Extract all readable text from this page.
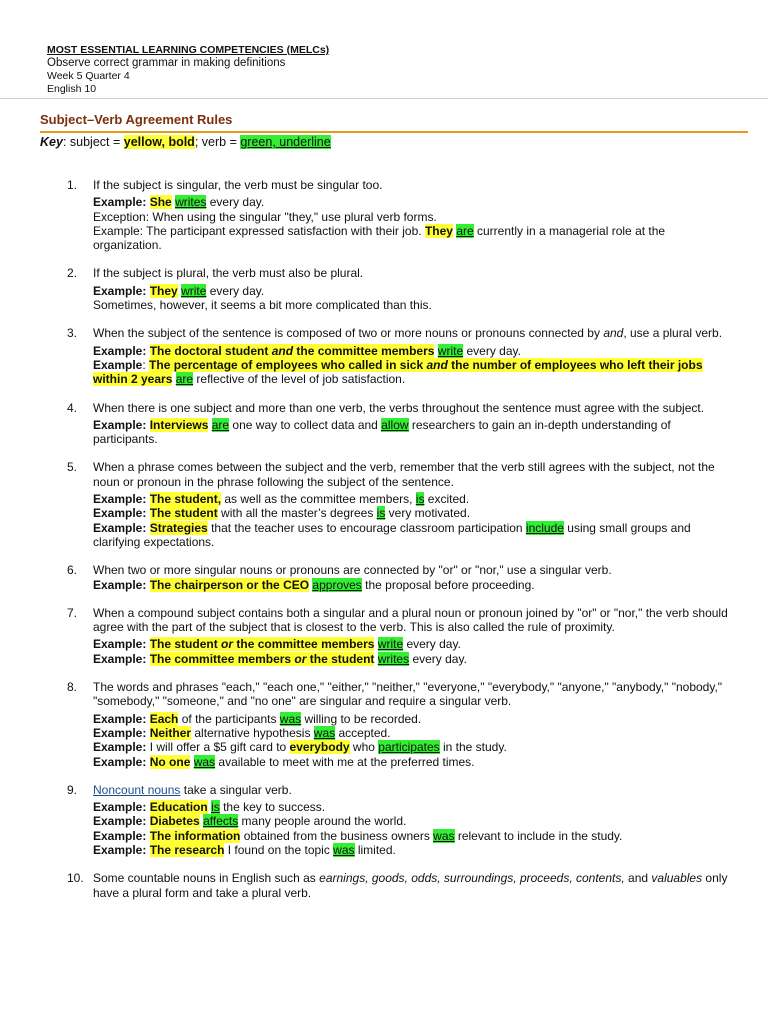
MOST ESSENTIAL LEARNING COMPETENCIES (MELCs)
Observe correct grammar in making definitions
Week 5 Quarter 4
English 10
Subject–Verb Agreement Rules
Key: subject = yellow, bold; verb = green, underline
1. If the subject is singular, the verb must be singular too.
Example: She writes every day.
Exception: When using the singular "they," use plural verb forms.
Example: The participant expressed satisfaction with their job. They are currently in a managerial role at the organization.
2. If the subject is plural, the verb must also be plural.
Example: They write every day.
Sometimes, however, it seems a bit more complicated than this.
3. When the subject of the sentence is composed of two or more nouns or pronouns connected by and, use a plural verb.
Example: The doctoral student and the committee members write every day.
Example: The percentage of employees who called in sick and the number of employees who left their jobs within 2 years are reflective of the level of job satisfaction.
4. When there is one subject and more than one verb, the verbs throughout the sentence must agree with the subject.
Example: Interviews are one way to collect data and allow researchers to gain an in-depth understanding of participants.
5. When a phrase comes between the subject and the verb, remember that the verb still agrees with the subject, not the noun or pronoun in the phrase following the subject of the sentence.
Example: The student, as well as the committee members, is excited.
Example: The student with all the master’s degrees is very motivated.
Example: Strategies that the teacher uses to encourage classroom participation include using small groups and clarifying expectations.
6. When two or more singular nouns or pronouns are connected by "or" or "nor," use a singular verb.
Example: The chairperson or the CEO approves the proposal before proceeding.
7. When a compound subject contains both a singular and a plural noun or pronoun joined by "or" or "nor," the verb should agree with the part of the subject that is closest to the verb. This is also called the rule of proximity.
Example: The student or the committee members write every day.
Example: The committee members or the student writes every day.
8. The words and phrases "each," "each one," "either," "neither," "everyone," "everybody," "anyone," "anybody," "nobody," "somebody," "someone," and "no one" are singular and require a singular verb.
Example: Each of the participants was willing to be recorded.
Example: Neither alternative hypothesis was accepted.
Example: I will offer a $5 gift card to everybody who participates in the study.
Example: No one was available to meet with me at the preferred times.
9. Noncount nouns take a singular verb.
Example: Education is the key to success.
Example: Diabetes affects many people around the world.
Example: The information obtained from the business owners was relevant to include in the study.
Example: The research I found on the topic was limited.
10. Some countable nouns in English such as earnings, goods, odds, surroundings, proceeds, contents, and valuables only have a plural form and take a plural verb.
